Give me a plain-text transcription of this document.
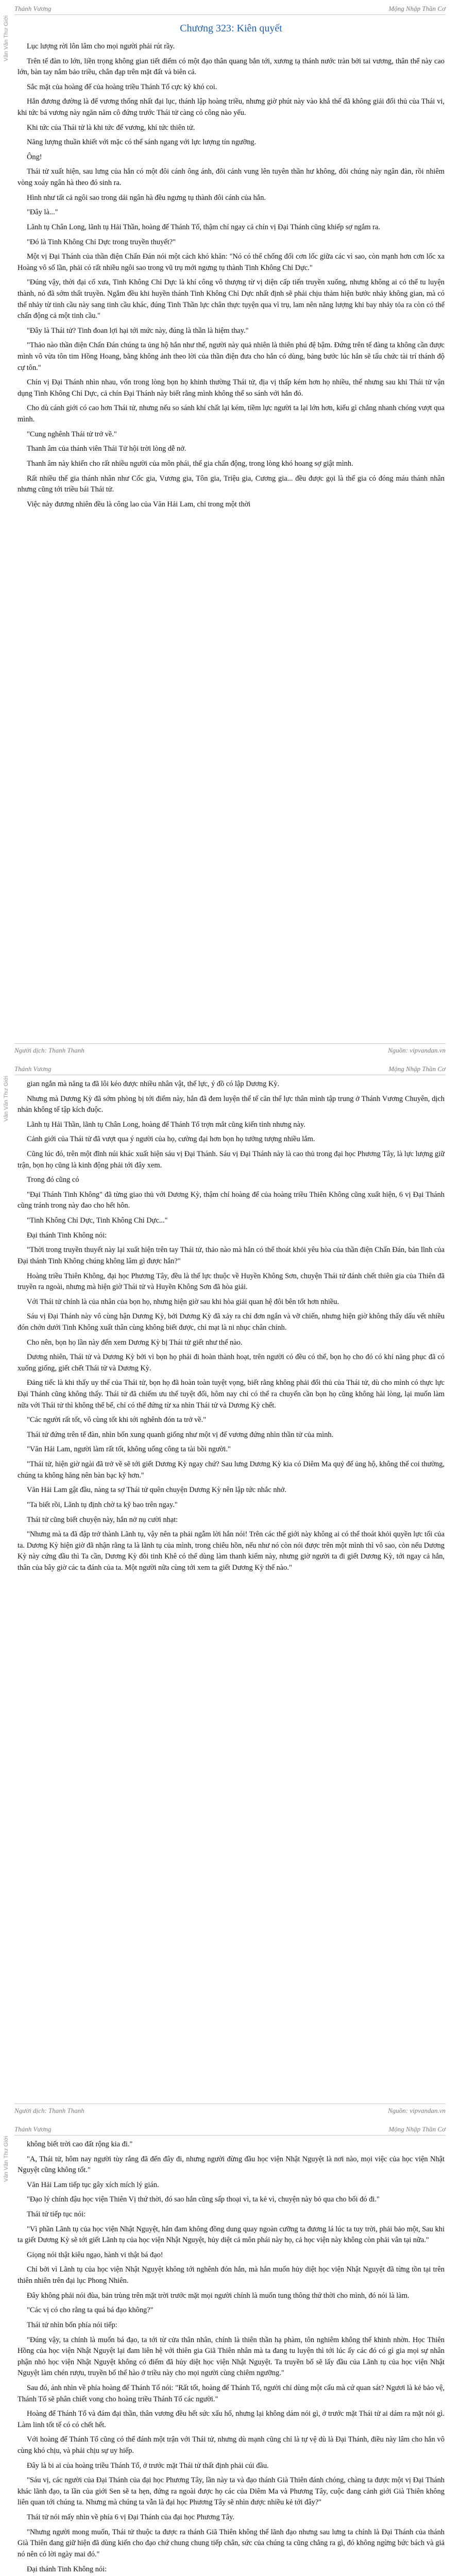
Thánh Vương	Mộng Nhập Thần Cơ
Vân Văn Thư Giới	Chương 323: Kiên quyết

Lục lượng rời lôn lâm cho mọi người phải rút rầy.

Trên tế đàn to lớn, liền trọng không gian tiết điểm có một đạo thân quang bắn tới, xương tạ thánh nước tràn bởi tai vương, thân thể này cao lớn, bàn tay nắm bảo triều, chân đạp trên mặt đất và biên cả.

Sắc mặt của hoàng đế của hoàng triều Thánh Tổ cực kỳ khó coi.

Hắn đương đường là đế vương thống nhất đại lục, thánh lập hoàng triều, nhưng giờ phút này vào khắ thế đã không giải đối thủ của Thái vi, khi tức bá vương này ngăn năm cô đứng trước Thái tử càng có công nào yếu.

Khi tức của Thái tử là khi tức đế vương, khí tức thiên tử.

Năng lượng thuần khiết với mặc có thể sánh ngang với lực lượng tín ngưỡng.

Ông!

Thái tử xuất hiện, sau lưng của hắn có một đôi cánh ông ánh, đôi cánh vung lên tuyên thần hư không, đôi chúng này ngân đàn, rồi nhiêm vòng xoáy ngân hà theo đó sinh ra.

Hình như tất cả ngôi sao trong dải ngân hà đều ngưng tụ thành đôi cánh của hắn.

"Đây là..."

Lãnh tụ Chân Long, lãnh tụ Hải Thần, hoàng đế Thánh Tổ, thậm chí ngay cả chín vị Đại Thánh cũng khiếp sợ ngắm ra.

"Đó là Tinh Không Chỉ Dực trong truyền thuyết?"

Một vị Đại Thánh của thần điện Chấn Đán nói một cách khó khăn: "Nó có thể chống đối cơn lốc giữa các vì sao, còn mạnh hơn cơn lốc xa Hoàng vô số lần, phải có rất nhiều ngôi sao trong vũ trụ mới ngưng tụ thành Tinh Không Chỉ Dực."

"Đúng vậy, thời đại cổ xưa, Tinh Không Chỉ Dực là khí công vô thượng từ vị diện cấp tiến truyền xuống, nhưng không ai có thể tu luyện thành, nó đã sớm thất truyền. Ngắm đều khi huyền thánh Tinh Không Chỉ Dực nhất định sẽ phải chịu thảm hiện bước nhảy không gian, mà có thể nhảy từ tinh cầu này sang tinh cầu khác, đúng Tinh Thần lực chân thực tụyện qua vì trụ, lam nên năng lượng khi bay nhảy tỏa ra còn có thể chấn động cả một tinh cầu."

"Đây là Thái tử? Tinh đoan lợi hại tới mức này, đúng là thần là hiệm thay."

"Thảo nào thần điện Chấn Đán chúng ta ủng hộ hắn như thế, người này quả nhiên là thiên phú đệ bậm. Đứng trên tế đàng ta không cần được mình vô vừa tôn tim Hồng Hoang, bằng không ảnh theo lời của thần điện đưa cho hắn có dùng, bảng bước lúc hắn sẽ tấu chức tài trí thánh độ cự tôn."

Chín vị Đại Thánh nhìn nhau, vốn trong lòng bọn họ khinh thường Thái tử, địa vị thấp kém hơn họ nhiều, thế nhưng sau khi Thái tử vận dụng Tinh Không Chỉ Dực, cả chín Đại Thánh này biết rằng mình không thể so sánh với hắn đó.

Cho dù cánh giới có cao hơn Thái tử, nhưng nếu so sánh khí chất lại kém, tiềm lực người ta lại lớn hơn, kiếu gì chẳng nhanh chóng vượt qua mình.

"Cung nghênh Thái tử trở về."

Thanh âm của thánh viên Thái Tử hội trời lòng dễ nở.

Thanh âm này khiến cho rất nhiều người của môn phái, thế gia chấn động, trong lòng khó hoang sợ giật mình.

Rất nhiều thế gia thánh nhân như Cốc gia, Vương gia, Tôn gia, Triệu gia, Cương gia... đều được gọi là thế gia có đóng máu thánh nhân nhưng cũng tới triều bái Thái tử.

Việc này đương nhiên đều là công lao của Văn Hải Lam, chỉ trong một thời

Người dịch: Thanh Thanh	Nguồn: vipvandan.vn
Thánh Vương	Mộng Nhập Thần Cơ
Vân Văn Thư Giới	gian ngắn mà năng ta đã lôi kéo được nhiều nhân vật, thế lực, ý đồ có lập Dương Kỳ.

Nhưng mà Dương Kỳ đã sớm phòng bị tới điểm này, hắn đã đem luyện thể tế căn thể lực thân mình tập trung ở Thánh Vương Chuyên, dịch nhản không tế tập kích đuộc.

Lãnh tụ Hải Thần, lãnh tụ Chân Long, hoàng đế Thánh Tổ trợn mắt cũng kiến tỉnh nhưng này.

Cảnh giới của Thái tử đã vượt qua ý người của họ, cường đại hơn bọn họ tưởng tượng nhiều lắm.

Cũng lúc đó, trên một đĩnh núi khác xuất hiện sáu vị Đại Thánh. Sáu vị Đại Thánh này là cao thủ trong đại học Phương Tây, là lực lượng giữ trận, bọn họ cũng là kinh động phải tới đây xem.

Trong đó cũng có

"Đại Thánh Tinh Không" đã từng giao thủ với Dương Kỳ, thậm chí hoàng đế của hoàng triều Thiên Không cũng xuất hiện, 6 vị Đại Thánh cũng tránh trong này đao cho hết hôn.

"Tinh Không Chỉ Dực, Tinh Không Chỉ Dực..."

Đại thánh Tinh Không nói:

"Thời trong truyền thuyết này lại xuất hiện trên tay Thái tử, thảo nào mà hắn có thể thoát khỏi yêu hòa của thần điện Chấn Đán, bản lĩnh của Đại thánh Tinh Không chúng không lâm gì được hắn?"

Hoàng triều Thiên Không, đại học Phương Tây, đều là thế lực thuộc về Huyền Không Sơn, chuyện Thái tử đánh chết thiên gia của Thiên đã truyền ra ngoài, nhưng mà hiện giờ Thái tử và Huyền Không Sơn đã hòa giải.

Với Thái tử chính là của nhân của bọn họ, nhưng hiện giờ sau khi hòa giải quan hệ đôi bên tốt hơn nhiều.

Sáu vị Đại Thánh này vô cùng hận Dương Kỳ, bởi Dương Kỳ đã xảy ra chỉ đơn ngắn và vỡ chiến, nhưng hiện giờ không thấy dấu vết nhiều đón chớn dưới Tinh Không xuất thân cùng không biết được, chỉ mạt là ni nhục chân chính.

Cho nên, bọn họ lần này đến xem Dương Kỳ bị Thái tử giết như thế nào.

Dương nhiên, Thái tử và Dương Kỳ bởi vì bọn họ phải đi hoàn thành hoạt, trên người có đều có thể, bọn họ cho đó có khí năng phục đã có xuống giống, giết chết Thái tử và Dương Kỳ.

Đảng tiếc là khi thấy uy thế của Thái tử, bọn họ đã hoàn toàn tuyệt vọng, biết rằng không phải đối thủ của Thái tử, dù cho mình có thực lực Đại Thánh cũng không thấy. Thái tử đã chiếm ưu thế tuyệt đối, hôm nay chỉ có thể ra chuyến cần bọn họ cũng không hài lòng, lại muốn làm nữa với Thái tử thì không thể bế, chỉ có thể đứng từ xa nhìn Thái tử và Dương Kỳ chết.

"Các người rất tốt, vô cùng tốt khi tới nghênh đón ta trở về."

Thái tử đứng trên tế đàn, nhìn bốn xung quanh giống như một vị đế vương đứng nhìn thần tử của mình.

"Văn Hải Lam, người làm rất tốt, không uổng công ta tài bồi người."

"Thái tử, hiện giờ ngài đã trở về sẽ tới giết Dương Kỳ ngay chứ? Sau lưng Dương Kỳ kia có Diêm Ma quỷ đế ủng hộ, không thể coi thường, chúng ta không hăng nên bàn bạc kỹ hơn."

Văn Hải Lam gật đầu, nàng ta sợ Thái tử quên chuyện Dương Kỳ nên lập tức nhắc nhở.

"Ta biết rồi, Lãnh tụ định chờ ta kỹ bao trên ngay."

Thái tử cũng biết chuyện này, hắn nở nụ cười nhạt:

"Nhưng mà ta đã đập trở thành Lãnh tụ, vậy nên ta phải ngẫm lời hắn nói! Trên các thế giới này không ai có thể thoát khỏi quyền lực tối của ta. Dương Kỳ hiện giờ đã nhận rằng ta là lãnh tụ của mình, trong chiêu hồn, nếu như nó còn nói được trên một mình thì vô sao, còn nếu Dương Kỳ này cứng đầu thì Ta cần, Dương Kỳ đôi tinh Khê có thể dùng làm thanh kiếm này, nhưng giờ người ta đi giết Dương Kỳ, tới ngay cả hắn, thân của bây giờ các ta đánh của ta. Một người nữa cùng tới xem ta giết Dương Kỳ thế nào."

Người dịch: Thanh Thanh	Nguồn: vipvandan.vn
Thánh Vương	Mộng Nhập Thần Cơ
Vân Văn Thư Giới	không biết trời cao đất rộng kia đi."

"A, Thái tử, hôm nay người tùy rắng đã đến đây đi, nhưng người đừng đầu học viện Nhật Nguyệt là nơi nào, mọi việc của học viện Nhật Nguyệt cũng không tốt."

Văn Hải Lam tiếp tục gây xích mích lý gián.

"Đạo lý chính đậu học viện Thiên Vị thứ thời, đó sao hắn cũng sấp thoại vì, ta kẻ vì, chuyện này bỏ qua cho bối đó đi."

Thái tử tiếp tục nói:

"Vì phần Lãnh tụ của học viện Nhật Nguyệt, hắn đam không đồng dung quay ngoàn cưỡng ta đương lá lúc ta tuy trời, phải bảo một, Sau khi ta giết Dương Kỳ sẽ tới giết Lãnh tụ của học viện Nhật Nguyệt, hủy diệt cả môn phái này họ, cả học viện này không còn phải vân tại nữa."

Giọng nói thật kiêu ngạo, hành vi thật bá đạo!

Chỉ bởi vì Lãnh tụ của học viện Nhật Nguyệt không tới nghênh đón hắn, mà hắn muốn hủy diệt học viện Nhật Nguyệt đã từng tồn tại trên thiên nhiên trên đại lục Phong Nhiên.

Đây không phải nói đùa, bản trùng trên mặt trời trước mặt mọi người chính là muốn tung thông thứ thời cho mình, đó nói là làm.

"Các vị có cho rằng ta quá bá đạo không?"

Thái tử nhìn bốn phía nói tiếp:

"Đúng vậy, ta chính là muốn bá đạo, ta tới từ cửa thân nhân, chính là thiên thần hạ phàm, tôn nghiêm không thể khinh nhờn. Học Thiên Hồng của học viện Nhật Nguyệt lại đam liên hệ với thiên gia Giã Thiên nhân mà ta đang tu luyện thì tới lúc ấy các đó có gì gia mọi sự nhân phận nhỏ học viện Nhật Nguyệt không có điểm đã hủy diệt học viện Nhật Nguyệt. Ta truyền bố sẽ lấy đầu của Lãnh tụ của học viện Nhật Nguyệt làm chén rượu, truyền bố thể hào ở triều này cho mọi người cùng chiêm ngưỡng."

Sau đó, ánh nhìn về phía hoàng đế Thánh Tổ nói: "Rất tốt, hoàng đế Thánh Tổ, người chỉ dùng một cấu mà cứ quan sát? Ngươi là kẻ bảo vệ, Thánh Tổ sẽ phân chiết vong cho hoàng triều Thánh Tổ các người."

Hoàng đế Thánh Tổ và đám đại thần, thân vương đều hết sức xấu hổ, nhưng lại không dám nói gì, ở trước mặt Thái tử ai dám ra mặt nói gì. Làm linh tốt tế có có chết hết.

Với hoàng đế Thánh Tổ cũng có thể đánh một trận với Thái tử, nhưng dù mạnh cũng chỉ là tự vệ dù là Đại Thánh, điều này lâm cho hắn vô cùng khó chịu, và phải chịu sự uy hiếp.

Đây là bi ai của hoàng triều Thánh Tổ, ở trước mặt Thái tử thất định phải cúi đầu.

"Sáu vị, các người của Đại Thánh của đại học Phương Tây, lần này ta và đạo thánh Già Thiên đánh chóng, chàng ta được một vị Đại Thánh khác lãnh đạo, ta lần của giới Sen sẽ ta hẹn, đứng ra ngoài được họ các của Diêm Ma và Phương Tây, cuộc đang cảnh giới Già Thiên không liên quan tới chúng ta. Nhưng mà chúng ta vẫn là đại học Phương Tây sẽ nhìn được nhiều kẻ tới đây?"

Thái tử nói mấy nhìn về phía 6 vị Đại Thánh của đại học Phương Tây.

"Nhưng người mong muốn, Thái tử thuộc ta được ra thánh Giã Thiên không thể lãnh đạo nhưng sau lưng ta chính là Đại Thánh của thánh Già Thiên đang giữ hiện đã dùng kiến cho đạo chứ chung chung tiếp chân, sức của chúng ta cũng chẳng ra gì, đó không ngừng bức bách và giả nó nên có lời ngày mai đó."

Đại thánh Tinh Không nói:
